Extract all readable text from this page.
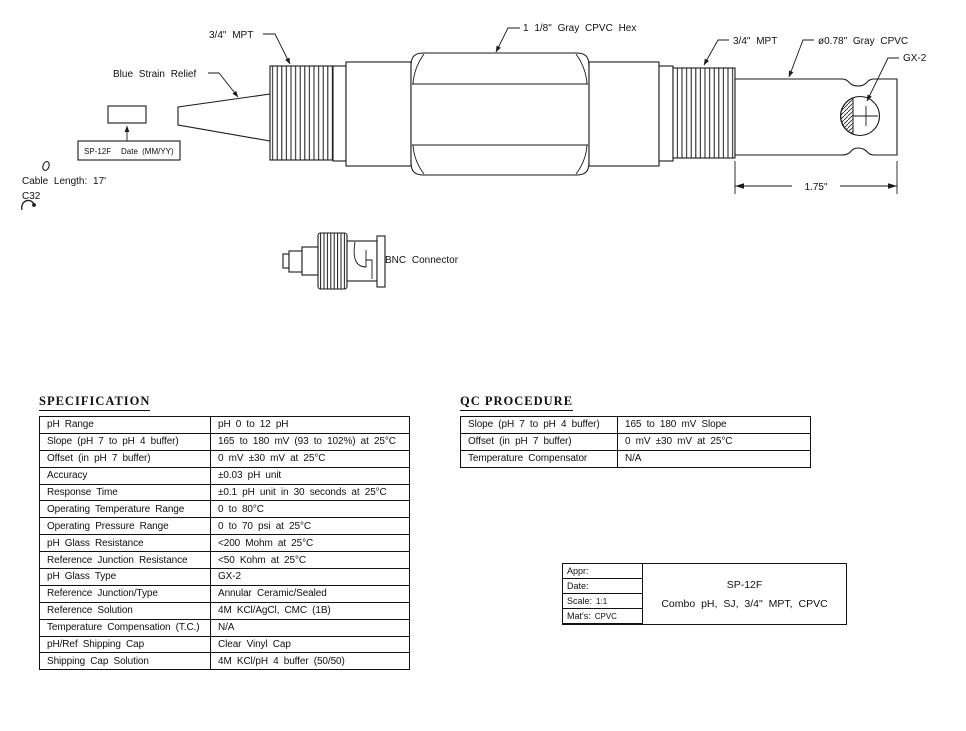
1.75"
3/4" MPT
Blue Strain Relief
1 1/8" Gray CPVC Hex
3/4" MPT	ø0.78" Gray CPVC
GX-2
SP-12F Date (MM/YY)
Cable Length: 17'
C32
BNC Connector
SPECIFICATION
pH Range	pH 0 to 12 pH
Slope (pH 7 to pH 4 buffer)	165 to 180 mV (93 to 102%) at 25°C
Offset (in pH 7 buffer)	0 mV ±30 mV at 25°C
Accuracy	±0.03 pH unit
Response Time	±0.1 pH unit in 30 seconds at 25°C
Operating Temperature Range	0 to 80°C
Operating Pressure Range	0 to 70 psi at 25°C
pH Glass Resistance	<200 Mohm at 25°C
Reference Junction Resistance	<50 Kohm at 25°C
pH Glass Type	GX-2
Reference Junction/Type	Annular Ceramic/Sealed
Reference Solution	4M KCl/AgCl, CMC (1B)
Temperature Compensation (T.C.)	N/A
pH/Ref Shipping Cap	Clear Vinyl Cap
Shipping Cap Solution	4M KCl/pH 4 buffer (50/50)
QC PROCEDURE
Slope (pH 7 to pH 4 buffer)	165 to 180 mV Slope
Offset (in pH 7 buffer)	0 mV ±30 mV at 25°C
Temperature Compensator	N/A
Appr:
Date:
Scale: 1:1
Mat's: CPVC
SP-12F
Combo pH, SJ, 3/4" MPT, CPVC
